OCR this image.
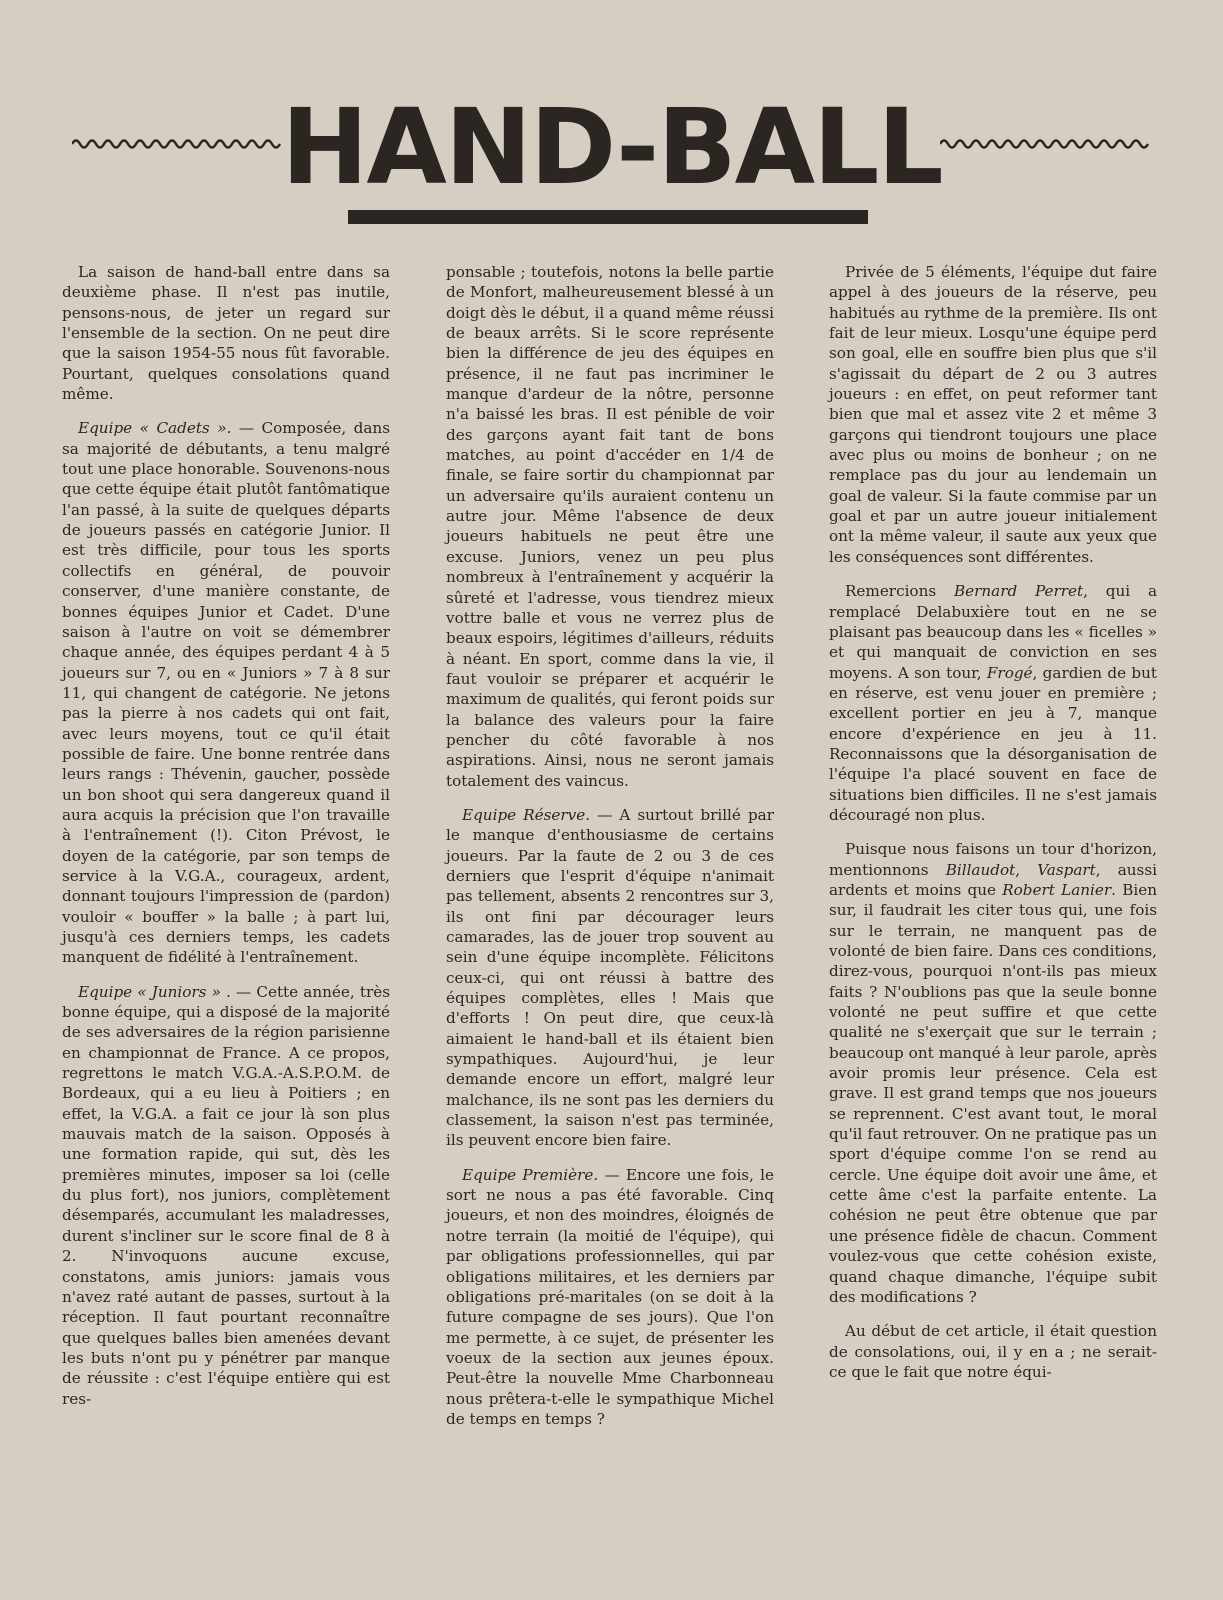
HAND-BALL

La saison de hand-ball entre dans sa deuxième phase. Il n'est pas inutile, pensons-nous, de jeter un regard sur l'ensemble de la section. On ne peut dire que la saison 1954-55 nous fût favorable. Pourtant, quelques consolations quand même.

Equipe « Cadets ». — Composée, dans sa majorité de débutants, a tenu malgré tout une place honorable. Souvenons-nous que cette équipe était plutôt fantômatique l'an passé, à la suite de quelques départs de joueurs passés en catégorie Junior. Il est très difficile, pour tous les sports collectifs en général, de pouvoir conserver, d'une manière constante, de bonnes équipes Junior et Cadet. D'une saison à l'autre on voit se démembrer chaque année, des équipes perdant 4 à 5 joueurs sur 7, ou en « Juniors » 7 à 8 sur 11, qui changent de catégorie. Ne jetons pas la pierre à nos cadets qui ont fait, avec leurs moyens, tout ce qu'il était possible de faire. Une bonne rentrée dans leurs rangs : Thévenin, gaucher, possède un bon shoot qui sera dangereux quand il aura acquis la précision que l'on travaille à l'entraînement (!). Citon Prévost, le doyen de la catégorie, par son temps de service à la V.G.A., courageux, ardent, donnant toujours l'impression de (pardon) vouloir « bouffer » la balle ; à part lui, jusqu'à ces derniers temps, les cadets manquent de fidélité à l'entraînement.

Equipe « Juniors » . — Cette année, très bonne équipe, qui a disposé de la majorité de ses adversaires de la région parisienne en championnat de France. A ce propos, regrettons le match V.G.A.-A.S.P.O.M. de Bordeaux, qui a eu lieu à Poitiers ; en effet, la V.G.A. a fait ce jour là son plus mauvais match de la saison. Opposés à une formation rapide, qui sut, dès les premières minutes, imposer sa loi (celle du plus fort), nos juniors, complètement désemparés, accumulant les maladresses, durent s'incliner sur le score final de 8 à 2. N'invoquons aucune excuse, constatons, amis juniors: jamais vous n'avez raté autant de passes, surtout à la réception. Il faut pourtant reconnaître que quelques balles bien amenées devant les buts n'ont pu y pénétrer par manque de réussite : c'est l'équipe entière qui est res-

ponsable ; toutefois, notons la belle partie de Monfort, malheureusement blessé à un doigt dès le début, il a quand même réussi de beaux arrêts. Si le score représente bien la différence de jeu des équipes en présence, il ne faut pas incriminer le manque d'ardeur de la nôtre, personne n'a baissé les bras. Il est pénible de voir des garçons ayant fait tant de bons matches, au point d'accéder en 1/4 de finale, se faire sortir du championnat par un adversaire qu'ils auraient contenu un autre jour. Même l'absence de deux joueurs habituels ne peut être une excuse. Juniors, venez un peu plus nombreux à l'entraînement y acquérir la sûreté et l'adresse, vous tiendrez mieux vottre balle et vous ne verrez plus de beaux espoirs, légitimes d'ailleurs, réduits à néant. En sport, comme dans la vie, il faut vouloir se préparer et acquérir le maximum de qualités, qui feront poids sur la balance des valeurs pour la faire pencher du côté favorable à nos aspirations. Ainsi, nous ne seront jamais totalement des vaincus.

Equipe Réserve. — A surtout brillé par le manque d'enthousiasme de certains joueurs. Par la faute de 2 ou 3 de ces derniers que l'esprit d'équipe n'animait pas tellement, absents 2 rencontres sur 3, ils ont fini par décourager leurs camarades, las de jouer trop souvent au sein d'une équipe incomplète. Félicitons ceux-ci, qui ont réussi à battre des équipes complètes, elles ! Mais que d'efforts ! On peut dire, que ceux-là aimaient le hand-ball et ils étaient bien sympathiques. Aujourd'hui, je leur demande encore un effort, malgré leur malchance, ils ne sont pas les derniers du classement, la saison n'est pas terminée, ils peuvent encore bien faire.

Equipe Première. — Encore une fois, le sort ne nous a pas été favorable. Cinq joueurs, et non des moindres, éloignés de notre terrain (la moitié de l'équipe), qui par obligations professionnelles, qui par obligations militaires, et les derniers par obligations pré-maritales (on se doit à la future compagne de ses jours). Que l'on me permette, à ce sujet, de présenter les voeux de la section aux jeunes époux. Peut-être la nouvelle Mme Charbonneau nous prêtera-t-elle le sympathique Michel de temps en temps ?

Privée de 5 éléments, l'équipe dut faire appel à des joueurs de la réserve, peu habitués au rythme de la première. Ils ont fait de leur mieux. Losqu'une équipe perd son goal, elle en souffre bien plus que s'il s'agissait du départ de 2 ou 3 autres joueurs : en effet, on peut reformer tant bien que mal et assez vite 2 et même 3 garçons qui tiendront toujours une place avec plus ou moins de bonheur ; on ne remplace pas du jour au lendemain un goal de valeur. Si la faute commise par un goal et par un autre joueur initialement ont la même valeur, il saute aux yeux que les conséquences sont différentes.

Remercions Bernard Perret, qui a remplacé Delabuxière tout en ne se plaisant pas beaucoup dans les « ficelles » et qui manquait de conviction en ses moyens. A son tour, Frogé, gardien de but en réserve, est venu jouer en première ; excellent portier en jeu à 7, manque encore d'expérience en jeu à 11. Reconnaissons que la désorganisation de l'équipe l'a placé souvent en face de situations bien difficiles. Il ne s'est jamais découragé non plus.

Puisque nous faisons un tour d'horizon, mentionnons Billaudot, Vaspart, aussi ardents et moins que Robert Lanier. Bien sur, il faudrait les citer tous qui, une fois sur le terrain, ne manquent pas de volonté de bien faire. Dans ces conditions, direz-vous, pourquoi n'ont-ils pas mieux faits ? N'oublions pas que la seule bonne volonté ne peut suffire et que cette qualité ne s'exerçait que sur le terrain ; beaucoup ont manqué à leur parole, après avoir promis leur présence. Cela est grave. Il est grand temps que nos joueurs se reprennent. C'est avant tout, le moral qu'il faut retrouver. On ne pratique pas un sport d'équipe comme l'on se rend au cercle. Une équipe doit avoir une âme, et cette âme c'est la parfaite entente. La cohésion ne peut être obtenue que par une présence fidèle de chacun. Comment voulez-vous que cette cohésion existe, quand chaque dimanche, l'équipe subit des modifications ?

Au début de cet article, il était question de consolations, oui, il y en a ; ne serait-ce que le fait que notre équi-
